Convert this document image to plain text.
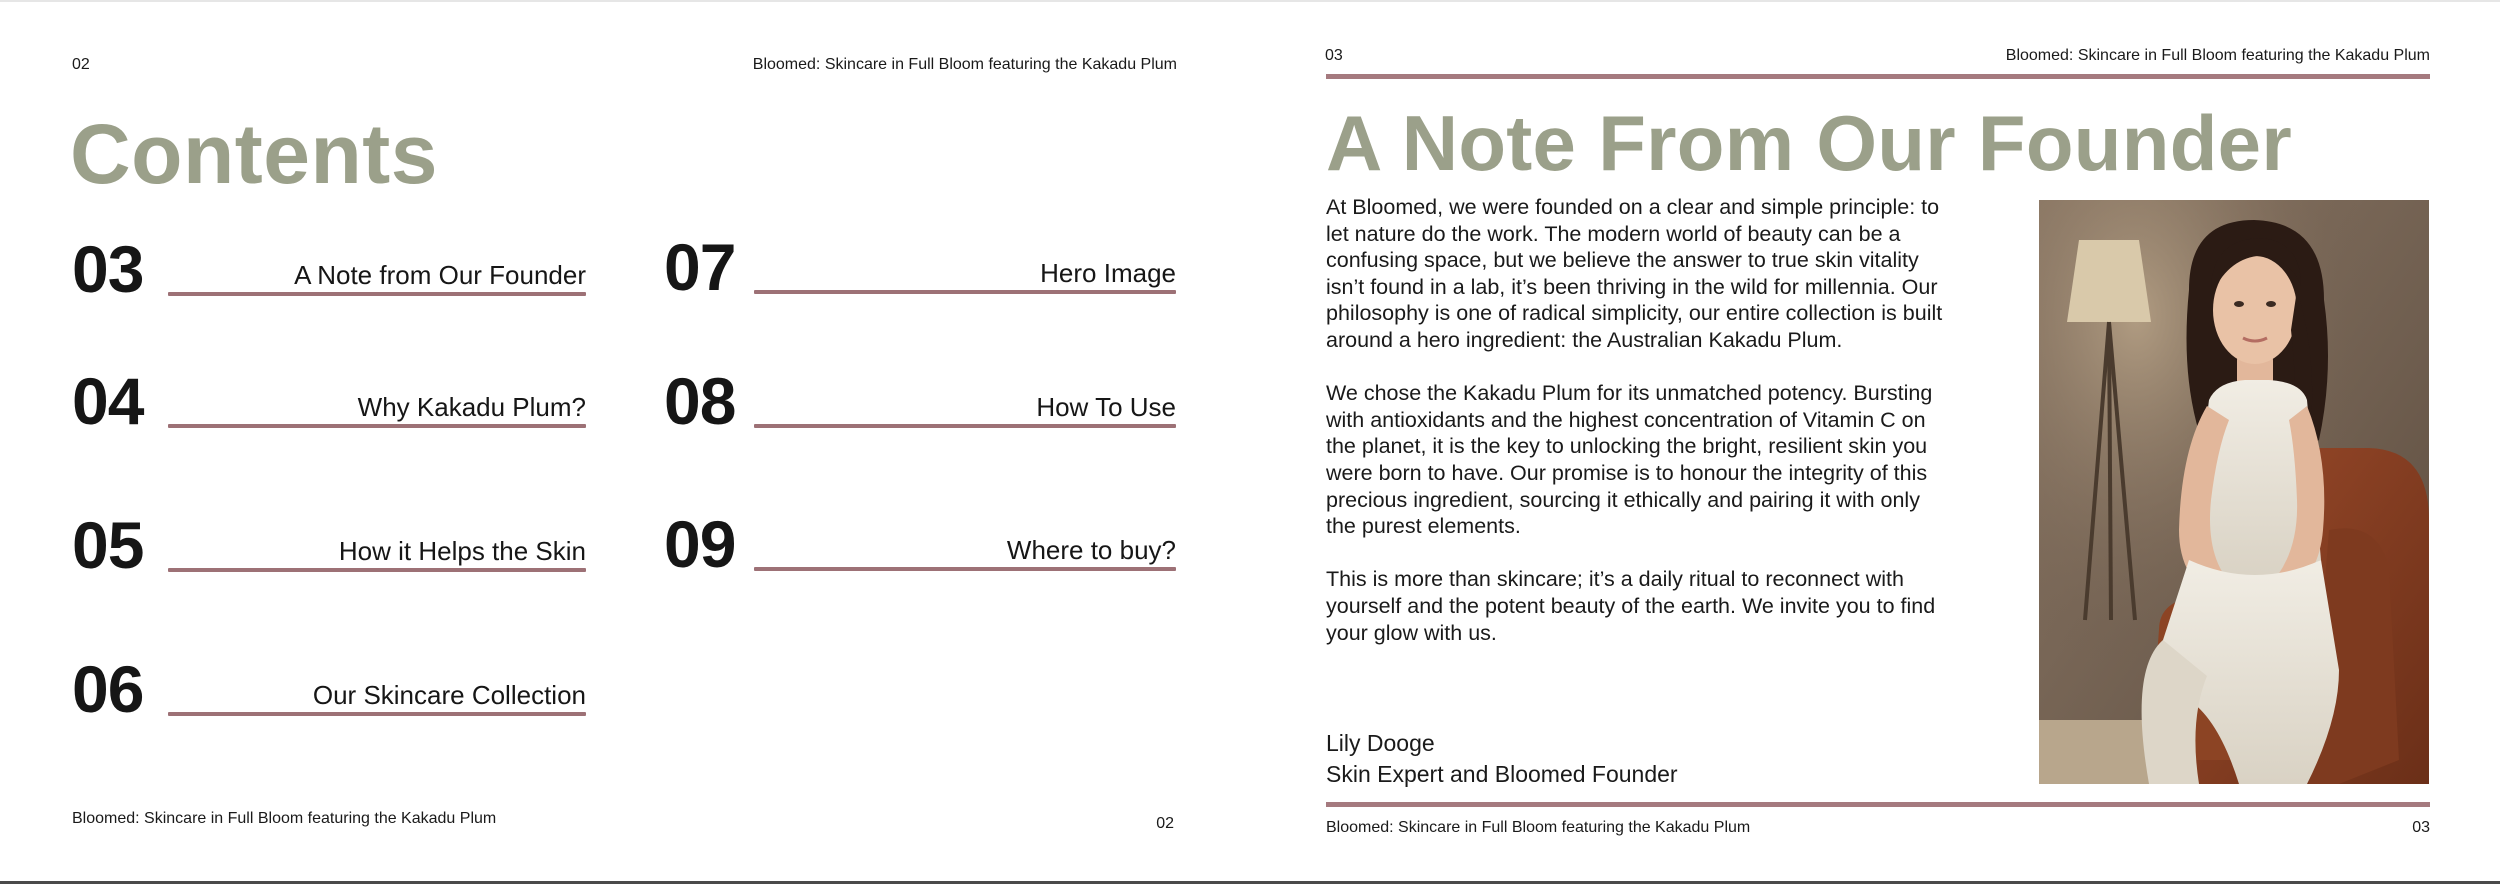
02	Bloomed: Skincare in Full Bloom featuring the Kakadu Plum
Contents
03	A Note from Our Founder
04	Why Kakadu Plum?
05	How it Helps the Skin
06	Our Skincare Collection
07	Hero Image
08	How To Use
09	Where to buy?
Bloomed: Skincare in Full Bloom featuring the Kakadu Plum	02
03	Bloomed: Skincare in Full Bloom featuring the Kakadu Plum
A Note From Our Founder

At Bloomed, we were founded on a clear and simple principle: to let nature do the work. The modern world of beauty can be a confusing space, but we believe the answer to true skin vitality isn’t found in a lab, it’s been thriving in the wild for millennia. Our philosophy is one of radical simplicity, our entire collection is built around a hero ingredient: the Australian Kakadu Plum.

We chose the Kakadu Plum for its unmatched potency. Bursting with antioxidants and the highest concentration of Vitamin C on the planet, it is the key to unlocking the bright, resilient skin you were born to have. Our promise is to honour the integrity of this precious ingredient, sourcing it ethically and pairing it with only the purest elements.

This is more than skincare; it’s a daily ritual to reconnect with yourself and the potent beauty of the earth. We invite you to find your glow with us.

Lily Dooge
Skin Expert and Bloomed Founder
Bloomed: Skincare in Full Bloom featuring the Kakadu Plum	03
